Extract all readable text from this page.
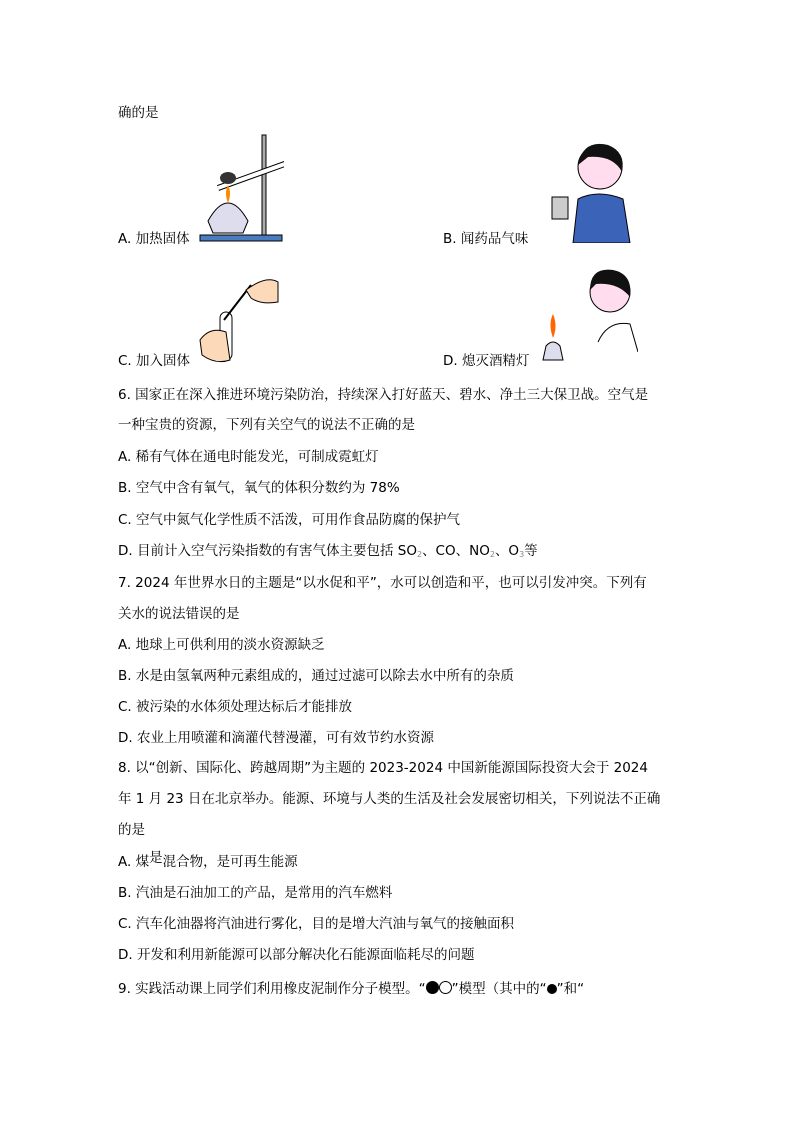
确的是
A. 加热固体	B. 闻药品气味
C. 加入固体	D. 熄灭酒精灯
6. 国家正在深入推进环境污染防治，持续深入打好蓝天、碧水、净土三大保卫战。空气是
一种宝贵的资源，下列有关空气的说法不正确的是
A. 稀有气体在通电时能发光，可制成霓虹灯
B. 空气中含有氧气，氧气的体积分数约为 78%
C. 空气中氮气化学性质不活泼，可用作食品防腐的保护气
D. 目前计入空气污染指数的有害气体主要包括 $SO_2$、CO、$NO_2$、$O_3$等
7. 2024 年世界水日的主题是“以水促和平”，水可以创造和平，也可以引发冲突。下列有
关水的说法错误的是
A. 地球上可供利用的淡水资源缺乏
B. 水是由氢氧两种元素组成的，通过过滤可以除去水中所有的杂质
C. 被污染的水体须处理达标后才能排放
D. 农业上用喷灌和滴灌代替漫灌，可有效节约水资源
8. 以“创新、国际化、跨越周期”为主题的 2023-2024 中国新能源国际投资大会于 2024
年 1 月 23 日在北京举办。能源、环境与人类的生活及社会发展密切相关，下列说法不正确
的是
A. 煤是混合物，是可再生能源
B. 汽油是石油加工的产品，是常用的汽车燃料
C. 汽车化油器将汽油进行雾化，目的是增大汽油与氧气的接触面积
D. 开发和利用新能源可以部分解决化石能源面临耗尽的问题
9. 实践活动课上同学们利用橡皮泥制作分子模型。“ ”模型（其中的“ ”和“
